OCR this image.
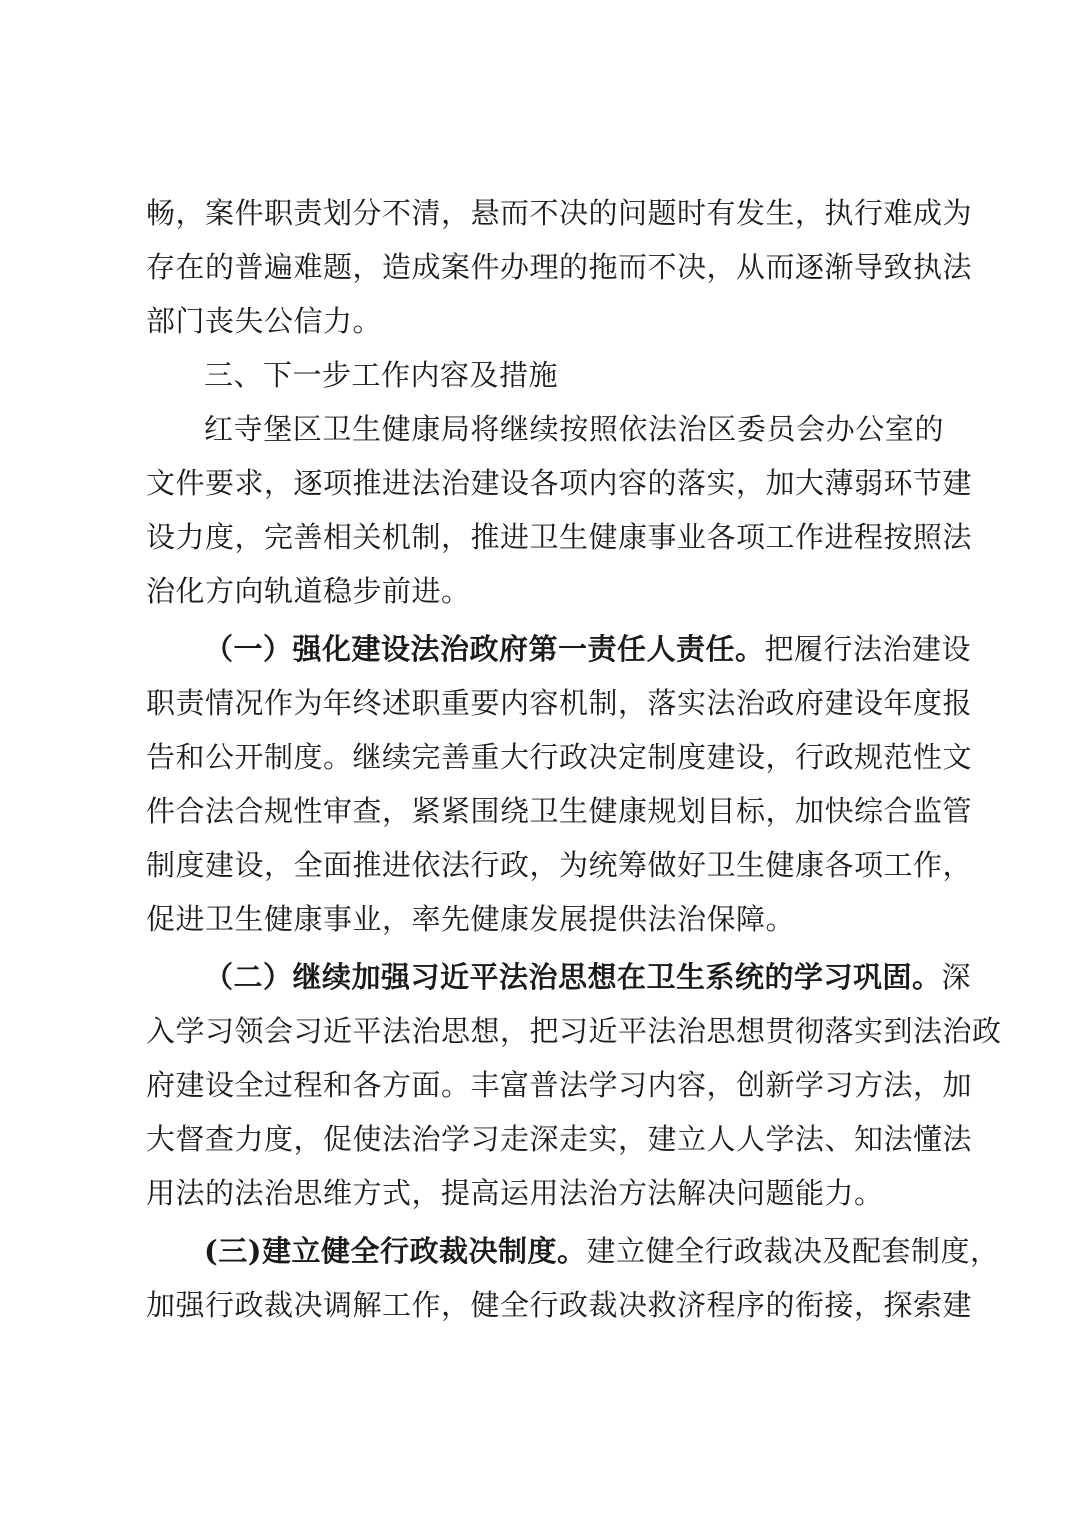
畅，案件职责划分不清，悬而不决的问题时有发生，执行难成为
存在的普遍难题，造成案件办理的拖而不决，从而逐渐导致执法
部门丧失公信力。
三、下一步工作内容及措施
红寺堡区卫生健康局将继续按照依法治区委员会办公室的
文件要求，逐项推进法治建设各项内容的落实，加大薄弱环节建
设力度，完善相关机制，推进卫生健康事业各项工作进程按照法
治化方向轨道稳步前进。
（一）强化建设法治政府第一责任人责任。把履行法治建设
职责情况作为年终述职重要内容机制，落实法治政府建设年度报
告和公开制度。继续完善重大行政决定制度建设，行政规范性文
件合法合规性审查，紧紧围绕卫生健康规划目标，加快综合监管
制度建设，全面推进依法行政，为统筹做好卫生健康各项工作，
促进卫生健康事业，率先健康发展提供法治保障。
（二）继续加强习近平法治思想在卫生系统的学习巩固。深
入学习领会习近平法治思想，把习近平法治思想贯彻落实到法治政
府建设全过程和各方面。丰富普法学习内容，创新学习方法，加
大督查力度，促使法治学习走深走实，建立人人学法、知法懂法
用法的法治思维方式，提高运用法治方法解决问题能力。
(三)建立健全行政裁决制度。建立健全行政裁决及配套制度，
加强行政裁决调解工作，健全行政裁决救济程序的衔接，探索建
